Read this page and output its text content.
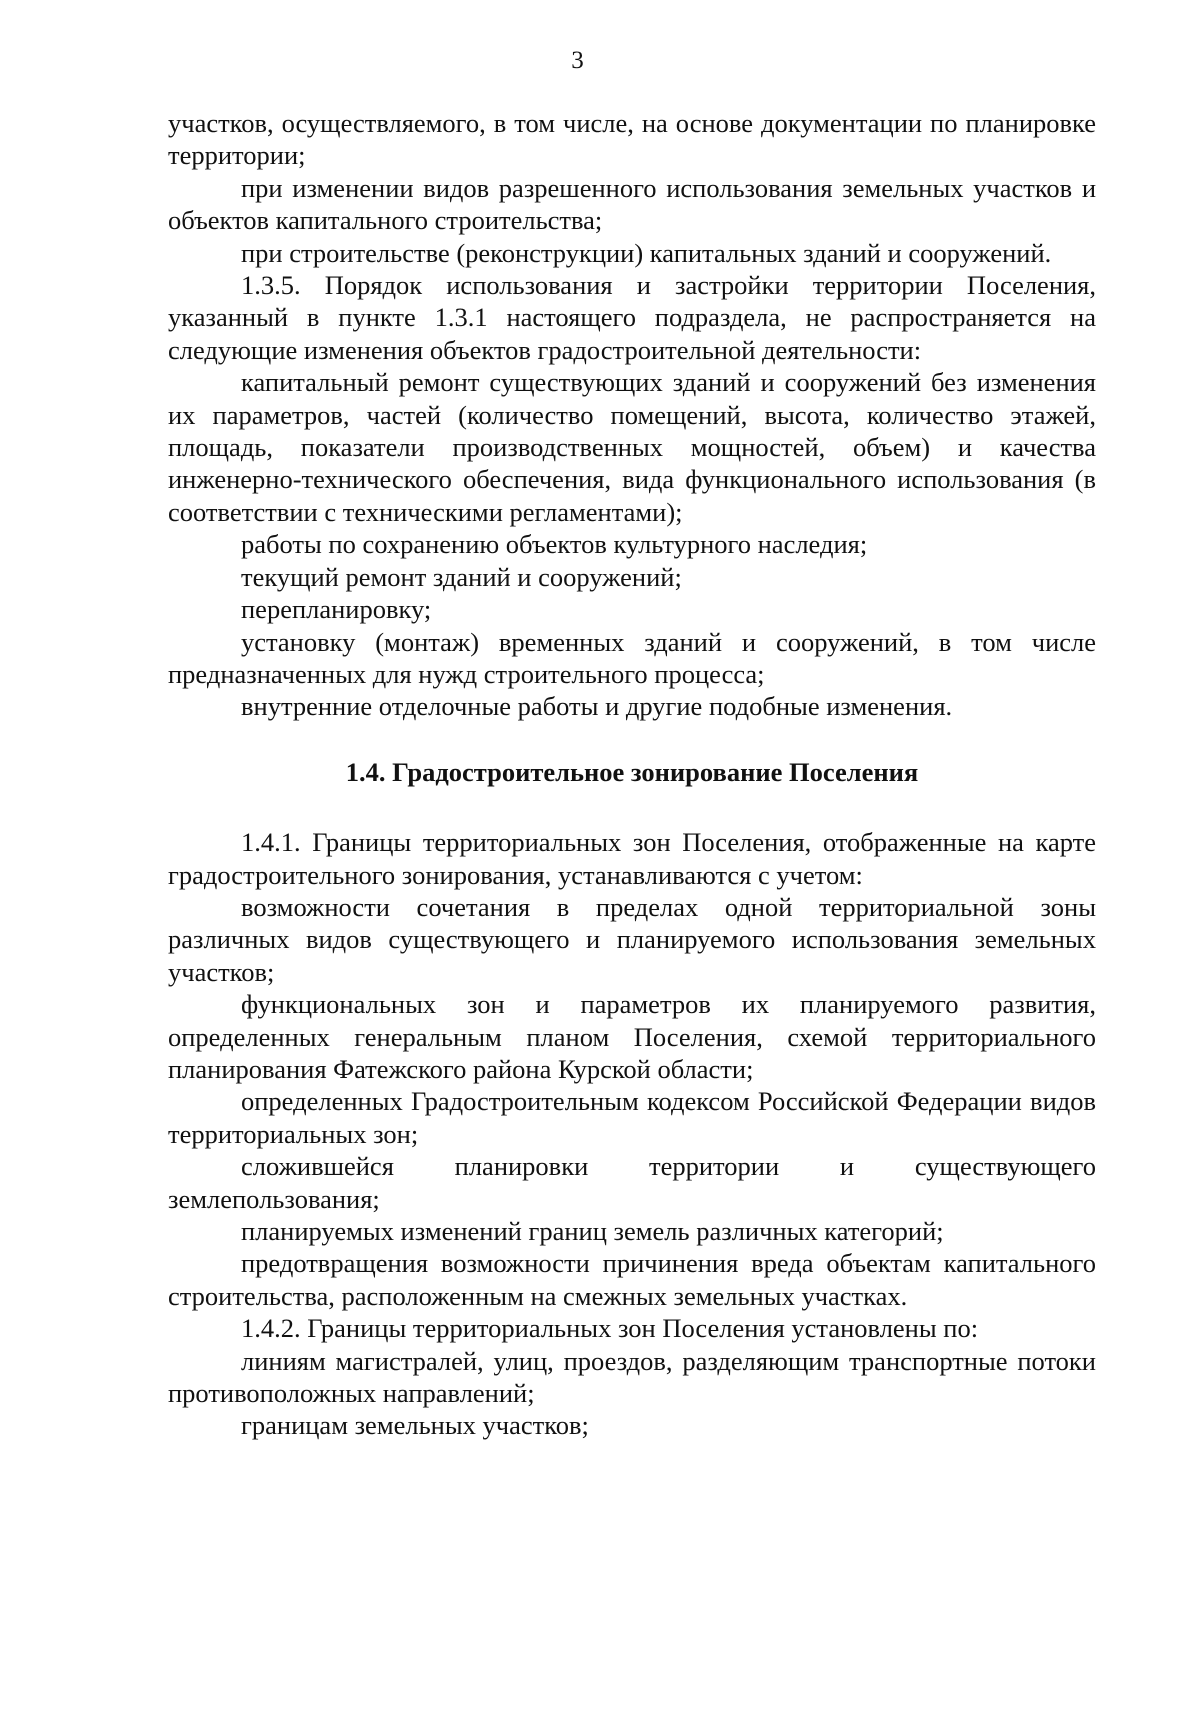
3

участков, осуществляемого, в том числе, на основе документации по планировке территории;

при изменении видов разрешенного использования земельных участков и объектов капитального строительства;

при строительстве (реконструкции) капитальных зданий и сооружений.

1.3.5. Порядок использования и застройки территории Поселения, указанный в пункте 1.3.1 настоящего подраздела, не распространяется на следующие изменения объектов градостроительной деятельности:

капитальный ремонт существующих зданий и сооружений без изменения их параметров, частей (количество помещений, высота, количество этажей, площадь, показатели производственных мощностей, объем) и качества инженерно-технического обеспечения, вида функционального использования (в соответствии с техническими регламентами);

работы по сохранению объектов культурного наследия;

текущий ремонт зданий и сооружений;

перепланировку;

установку (монтаж) временных зданий и сооружений, в том числе предназначенных для нужд строительного процесса;

внутренние отделочные работы и другие подобные изменения.

1.4. Градостроительное зонирование Поселения

1.4.1. Границы территориальных зон Поселения, отображенные на карте градостроительного зонирования, устанавливаются с учетом:

возможности сочетания в пределах одной территориальной зоны различных видов существующего и планируемого использования земельных участков;

функциональных зон и параметров их планируемого развития, определенных генеральным планом Поселения, схемой территориального планирования Фатежского района Курской области;

определенных Градостроительным кодексом Российской Федерации видов территориальных зон;

сложившейся планировки территории и существующего землепользования;

планируемых изменений границ земель различных категорий;

предотвращения возможности причинения вреда объектам капитального строительства, расположенным на смежных земельных участках.

1.4.2. Границы территориальных зон Поселения установлены по:

линиям магистралей, улиц, проездов, разделяющим транспортные потоки противоположных направлений;

границам земельных участков;
